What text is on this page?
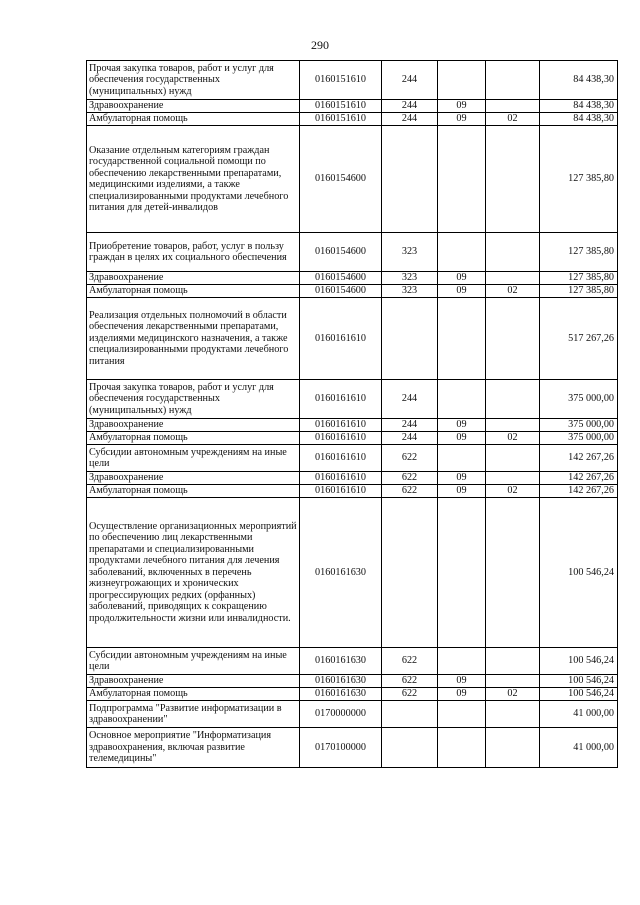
290
Прочая закупка товаров, работ и услуг для обеспечения государственных (муниципальных) нужд	0160151610	244			84 438,30
Здравоохранение	0160151610	244	09		84 438,30
Амбулаторная помощь	0160151610	244	09	02	84 438,30
Оказание отдельным категориям граждан государственной социальной помощи по обеспечению лекарственными препаратами, медицинскими изделиями, а также специализированными продуктами лечебного питания для детей-инвалидов	0160154600				127 385,80
Приобретение товаров, работ, услуг в пользу граждан в целях их социального обеспечения	0160154600	323			127 385,80
Здравоохранение	0160154600	323	09		127 385,80
Амбулаторная помощь	0160154600	323	09	02	127 385,80
Реализация отдельных полномочий в области обеспечения лекарственными препаратами, изделиями медицинского назначения, а также специализированными продуктами лечебного питания	0160161610				517 267,26
Прочая закупка товаров, работ и услуг для обеспечения государственных (муниципальных) нужд	0160161610	244			375 000,00
Здравоохранение	0160161610	244	09		375 000,00
Амбулаторная помощь	0160161610	244	09	02	375 000,00
Субсидии автономным учреждениям на иные цели	0160161610	622			142 267,26
Здравоохранение	0160161610	622	09		142 267,26
Амбулаторная помощь	0160161610	622	09	02	142 267,26
Осуществление организационных мероприятий по обеспечению лиц лекарственными препаратами и специализированными продуктами лечебного питания для лечения заболеваний, включенных в перечень жизнеугрожающих и хронических прогрессирующих редких (орфанных) заболеваний, приводящих к сокращению продолжительности жизни или инвалидности.	0160161630				100 546,24
Субсидии автономным учреждениям на иные цели	0160161630	622			100 546,24
Здравоохранение	0160161630	622	09		100 546,24
Амбулаторная помощь	0160161630	622	09	02	100 546,24
Подпрограмма "Развитие информатизации в здравоохранении"	0170000000				41 000,00
Основное мероприятие "Информатизация здравоохранения, включая развитие телемедицины"	0170100000				41 000,00
